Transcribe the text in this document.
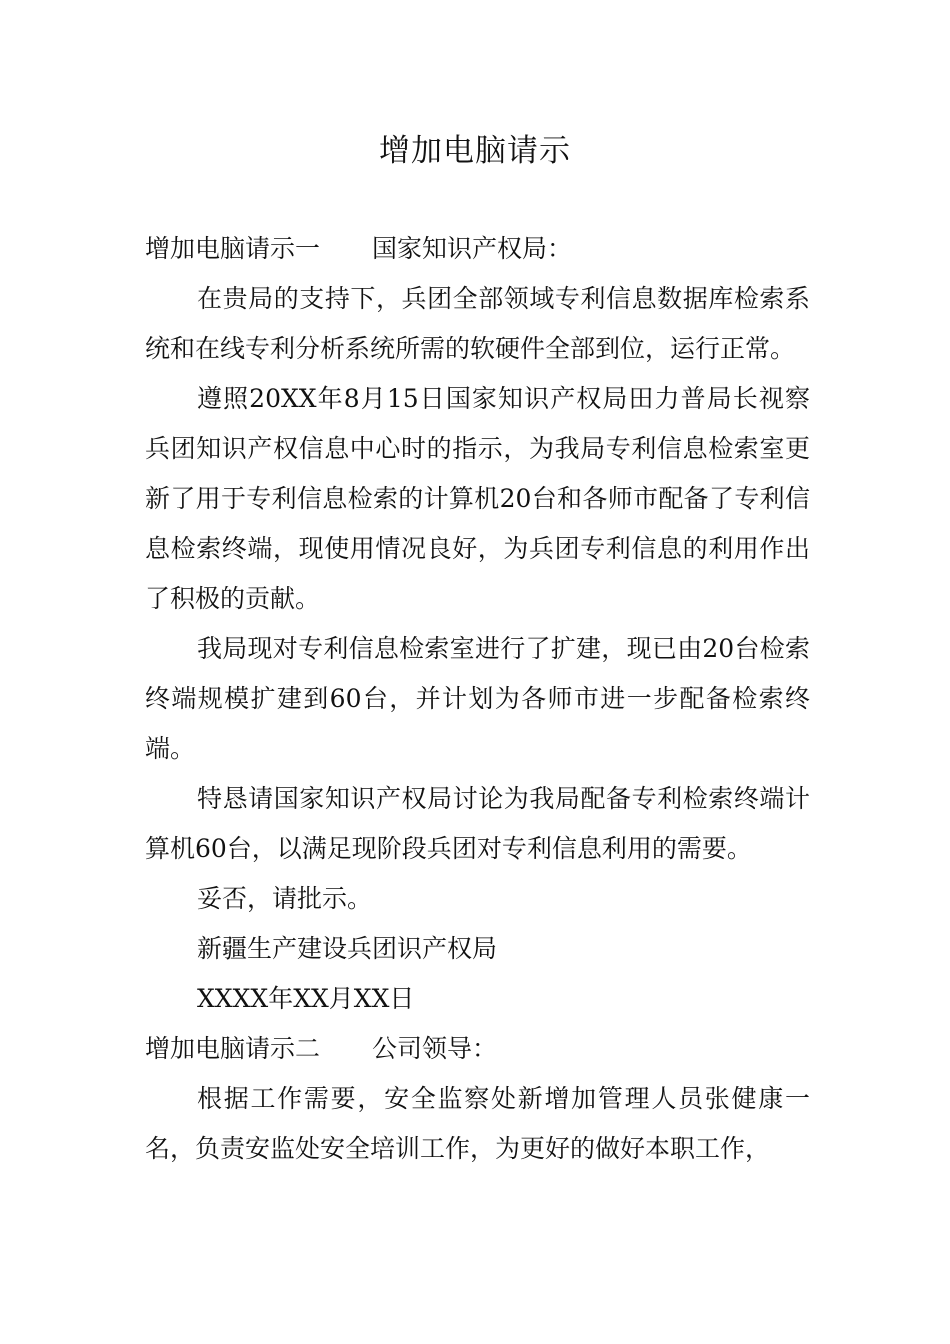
增加电脑请示

增加电脑请示一 国家知识产权局：

在贵局的支持下，兵团全部领域专利信息数据库检索系统和在线专利分析系统所需的软硬件全部到位，运行正常。

遵照20XX年8月15日国家知识产权局田力普局长视察兵团知识产权信息中心时的指示，为我局专利信息检索室更新了用于专利信息检索的计算机20台和各师市配备了专利信息检索终端，现使用情况良好，为兵团专利信息的利用作出了积极的贡献。

我局现对专利信息检索室进行了扩建，现已由20台检索终端规模扩建到60台，并计划为各师市进一步配备检索终端。

特恳请国家知识产权局讨论为我局配备专利检索终端计算机60台，以满足现阶段兵团对专利信息利用的需要。

妥否，请批示。

新疆生产建设兵团识产权局

XXXX年XX月XX日

增加电脑请示二 公司领导：

根据工作需要，安全监察处新增加管理人员张健康一名，负责安监处安全培训工作，为更好的做好本职工作，
